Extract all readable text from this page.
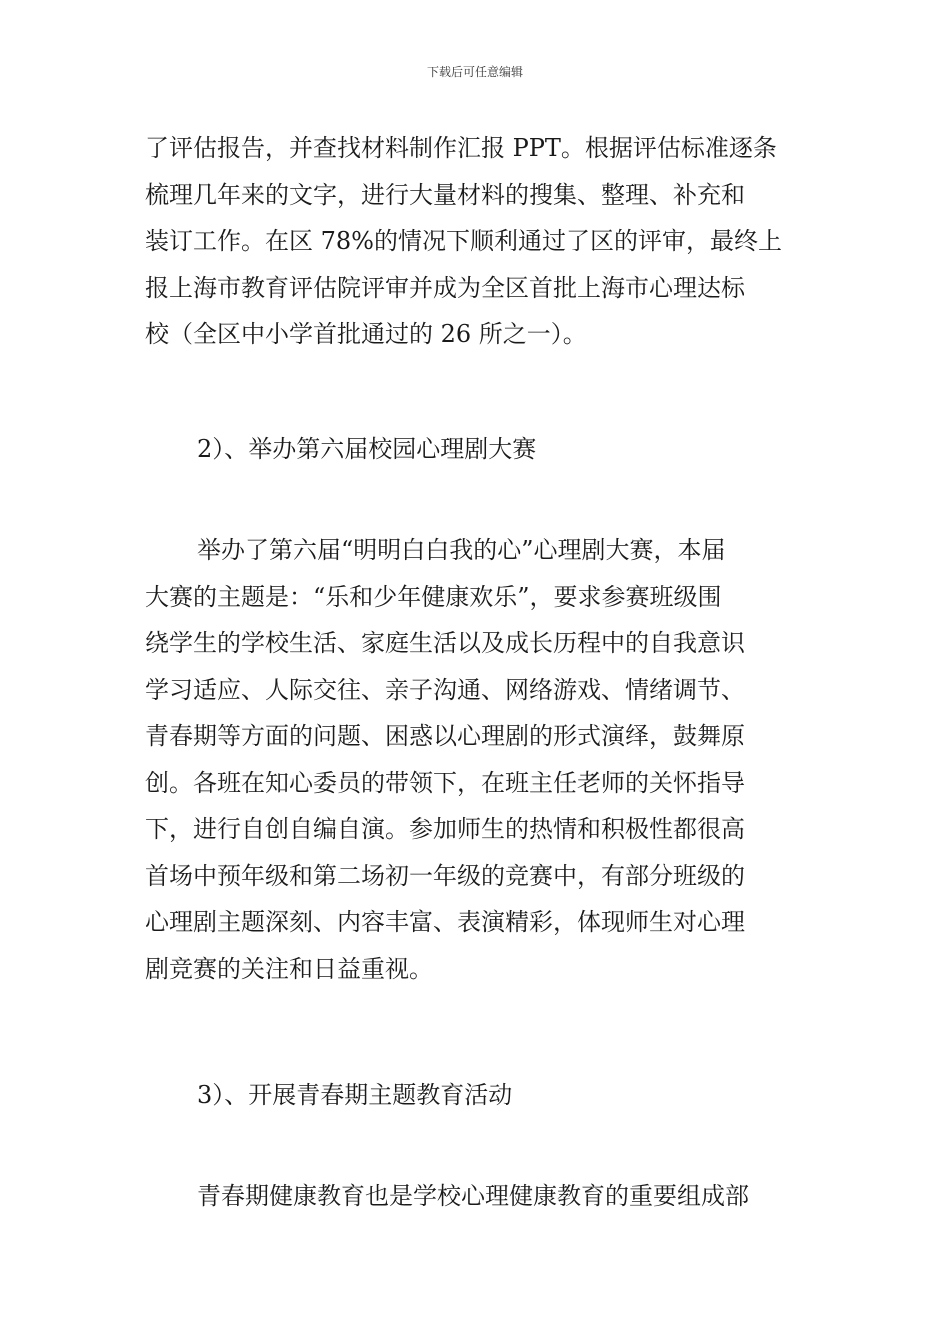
下载后可任意编辑
了评估报告，并查找材料制作汇报 PPT。根据评估标准逐条
梳理几年来的文字，进行大量材料的搜集、整理、补充和
装订工作。在区 78%的情况下顺利通过了区的评审，最终上
报上海市教育评估院评审并成为全区首批上海市心理达标
校（全区中小学首批通过的 26 所之一）。
2）、举办第六届校园心理剧大赛
举办了第六届“明明白白我的心”心理剧大赛，本届
大赛的主题是：“乐和少年健康欢乐”，要求参赛班级围
绕学生的学校生活、家庭生活以及成长历程中的自我意识
学习适应、人际交往、亲子沟通、网络游戏、情绪调节、
青春期等方面的问题、困惑以心理剧的形式演绎，鼓舞原
创。各班在知心委员的带领下，在班主任老师的关怀指导
下，进行自创自编自演。参加师生的热情和积极性都很高
首场中预年级和第二场初一年级的竞赛中，有部分班级的
心理剧主题深刻、内容丰富、表演精彩，体现师生对心理
剧竞赛的关注和日益重视。
3）、开展青春期主题教育活动
青春期健康教育也是学校心理健康教育的重要组成部
